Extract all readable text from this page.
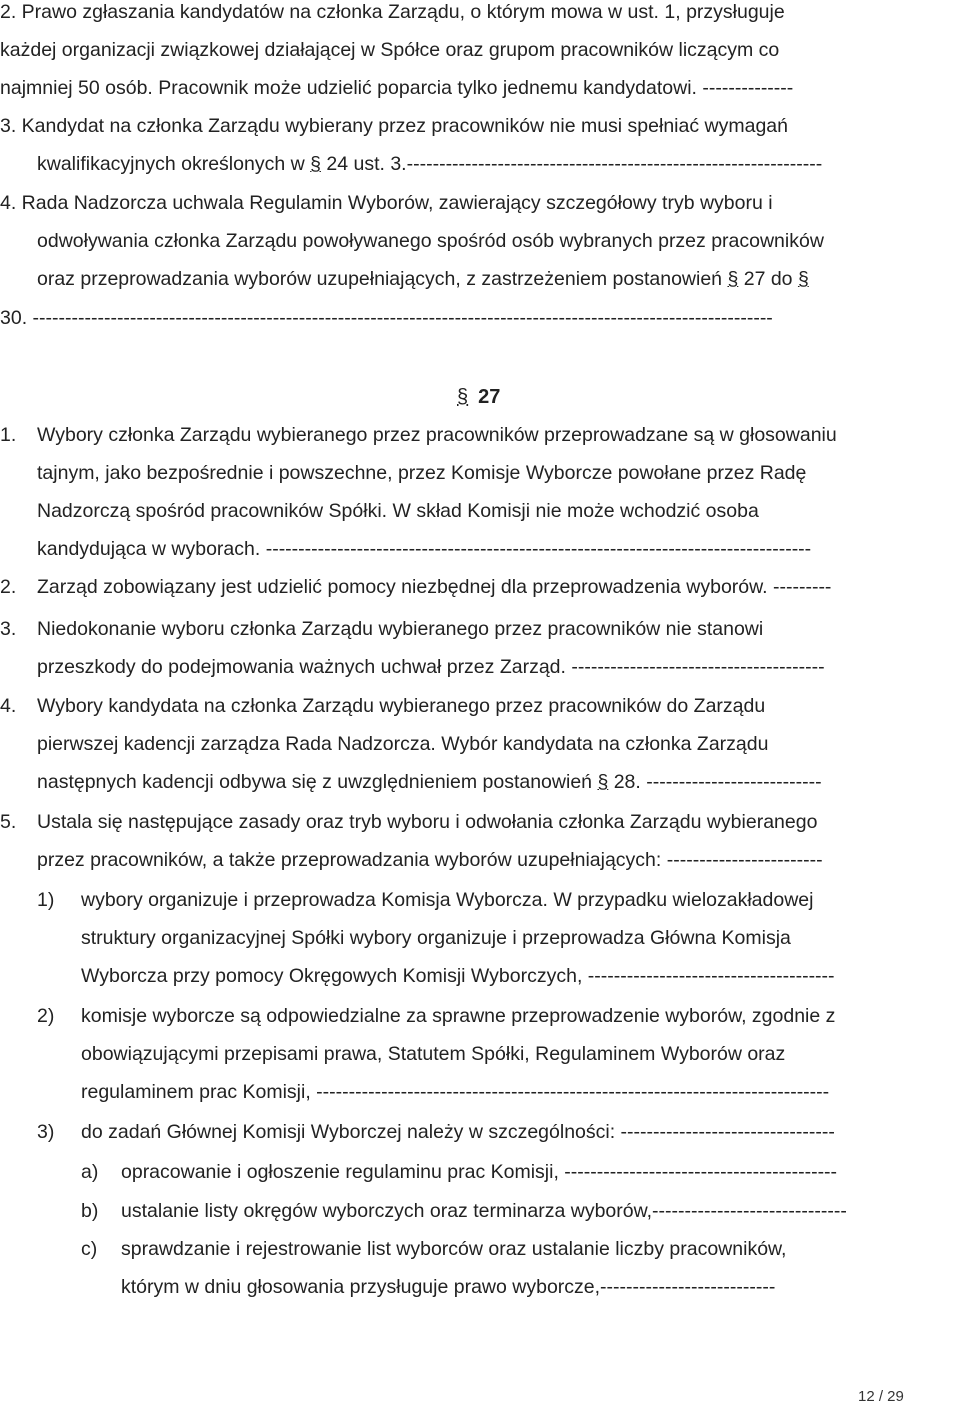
2. Prawo zgłaszania kandydatów na członka Zarządu, o którym mowa w ust. 1, przysługuje
każdej organizacji związkowej działającej w Spółce oraz grupom pracowników liczącym co
najmniej 50 osób. Pracownik może udzielić poparcia tylko jednemu kandydatowi. --------------
3. Kandydat na członka Zarządu wybierany przez pracowników nie musi spełniać wymagań
kwalifikacyjnych określonych w § 24 ust. 3.----------------------------------------------------------------
4. Rada Nadzorcza uchwala Regulamin Wyborów, zawierający szczegółowy tryb wyboru i
odwoływania członka Zarządu powoływanego spośród osób wybranych przez pracowników
oraz przeprowadzania wyborów uzupełniających, z zastrzeżeniem postanowień § 27 do §
30. ------------------------------------------------------------------------------------------------------------------
§ 27
1.	Wybory członka Zarządu wybieranego przez pracowników przeprowadzane są w głosowaniu
tajnym, jako bezpośrednie i powszechne, przez Komisje Wyborcze powołane przez Radę
Nadzorczą spośród pracowników Spółki. W skład Komisji nie może wchodzić osoba
kandydująca w wyborach. ------------------------------------------------------------------------------------
2.	Zarząd zobowiązany jest udzielić pomocy niezbędnej dla przeprowadzenia wyborów. ---------
3.	Niedokonanie wyboru członka Zarządu wybieranego przez pracowników nie stanowi
przeszkody do podejmowania ważnych uchwał przez Zarząd. ---------------------------------------
4.	Wybory kandydata na członka Zarządu wybieranego przez pracowników do Zarządu
pierwszej kadencji zarządza Rada Nadzorcza. Wybór kandydata na członka Zarządu
następnych kadencji odbywa się z uwzględnieniem postanowień § 28. ---------------------------
5.	Ustala się następujące zasady oraz tryb wyboru i odwołania członka Zarządu wybieranego
przez pracowników, a także przeprowadzania wyborów uzupełniających: ------------------------
1) wybory organizuje i przeprowadza Komisja Wyborcza. W przypadku wielozakładowej
struktury organizacyjnej Spółki wybory organizuje i przeprowadza Główna Komisja
Wyborcza przy pomocy Okręgowych Komisji Wyborczych, --------------------------------------
2) komisje wyborcze są odpowiedzialne za sprawne przeprowadzenie wyborów, zgodnie z
obowiązującymi przepisami prawa, Statutem Spółki, Regulaminem Wyborów oraz
regulaminem prac Komisji, -------------------------------------------------------------------------------
3) do zadań Głównej Komisji Wyborczej należy w szczególności: ---------------------------------
a) opracowanie i ogłoszenie regulaminu prac Komisji, ------------------------------------------
b) ustalanie listy okręgów wyborczych oraz terminarza wyborów,------------------------------
c) sprawdzanie i rejestrowanie list wyborców oraz ustalanie liczby pracowników,
którym w dniu głosowania przysługuje prawo wyborcze,---------------------------
12 / 29
